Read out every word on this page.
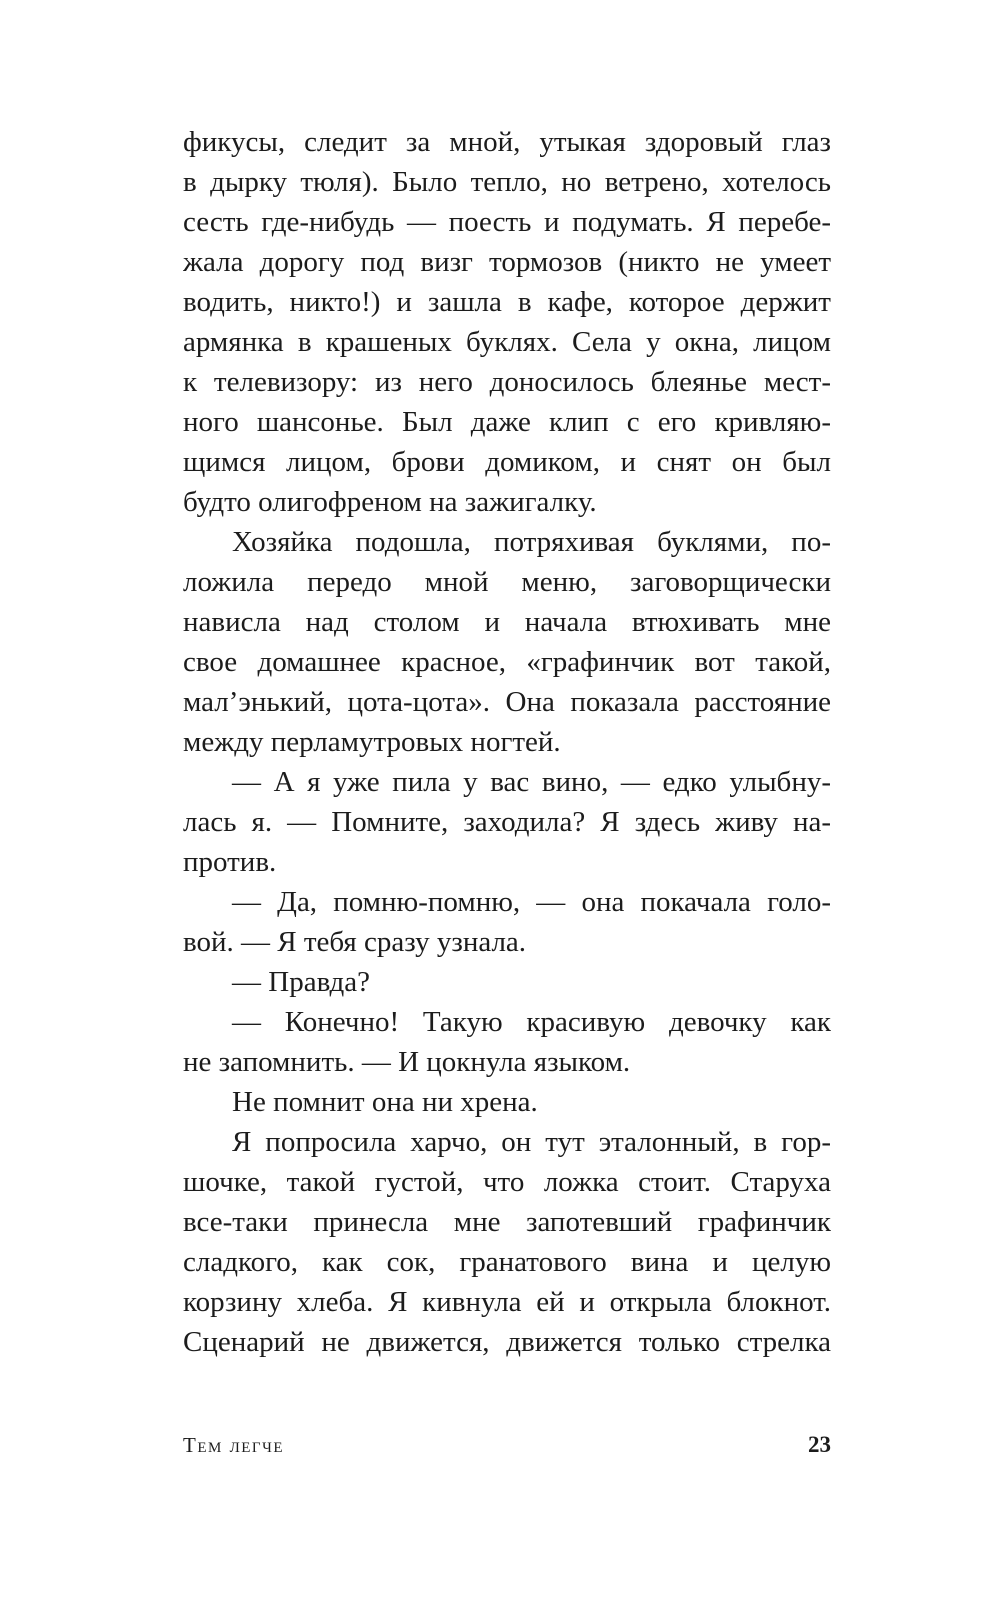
фикусы, следит за мной, утыкая здоровый глаз
в дырку тюля). Было тепло, но ветрено, хотелось
сесть где-нибудь — поесть и подумать. Я перебе-
жала дорогу под визг тормозов (никто не умеет
водить, никто!) и зашла в кафе, которое держит
армянка в крашеных буклях. Села у окна, лицом
к телевизору: из него доносилось блеянье мест-
ного шансонье. Был даже клип с его кривляю-
щимся лицом, брови домиком, и снят он был
будто олигофреном на зажигалку.
Хозяйка подошла, потряхивая буклями, по-
ложила передо мной меню, заговорщически
нависла над столом и начала втюхивать мне
свое домашнее красное, «графинчик вот такой,
мал’энький, цота-цота». Она показала расстояние
между перламутровых ногтей.
— А я уже пила у вас вино, — едко улыбну-
лась я. — Помните, заходила? Я здесь живу на-
против.
— Да, помню-помню, — она покачала голо-
вой. — Я тебя сразу узнала.
— Правда?
— Конечно! Такую красивую девочку как
не запомнить. — И цокнула языком.
Не помнит она ни хрена.
Я попросила харчо, он тут эталонный, в гор-
шочке, такой густой, что ложка стоит. Старуха
все-таки принесла мне запотевший графинчик
сладкого, как сок, гранатового вина и целую
корзину хлеба. Я кивнула ей и открыла блокнот.
Сценарий не движется, движется только стрелка
Тем легче	23
